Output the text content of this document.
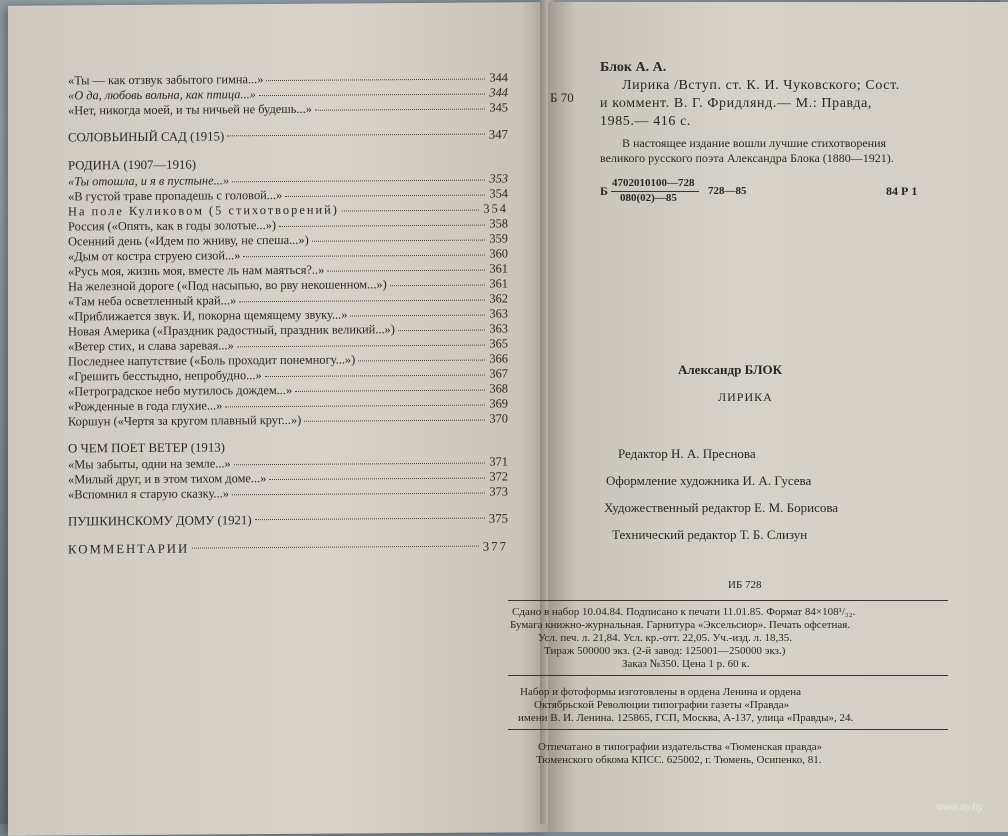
«Ты — как отзвук забытого гимна...»	344
«О да, любовь вольна, как птица...»	344
«Нет, никогда моей, и ты ничьей не будешь...»	345
СОЛОВЬИНЫЙ САД (1915)	347
РОДИНА (1907—1916)
«Ты отошла, и я в пустыне...»	353
«В густой траве пропадешь с головой...»	354
На поле Куликовом (5 стихотворений)	354
Россия («Опять, как в годы золотые...»)	358
Осенний день («Идем по жниву, не спеша...»)	359
«Дым от костра струею сизой...»	360
«Русь моя, жизнь моя, вместе ль нам маяться?..»	361
На железной дороге («Под насыпью, во рву некошенном...»)	361
«Там неба осветленный край...»	362
«Приближается звук. И, покорна щемящему звуку...»	363
Новая Америка («Праздник радостный, праздник великий...»)	363
«Ветер стих, и слава заревая...»	365
Последнее напутствие («Боль проходит понемногу...»)	366
«Грешить бесстыдно, непробудно...»	367
«Петроградское небо мутилось дождем...»	368
«Рожденные в года глухие...»	369
Коршун («Чертя за кругом плавный круг...»)	370
О ЧЕМ ПОЕТ ВЕТЕР (1913)
«Мы забыты, одни на земле...»	371
«Милый друг, и в этом тихом доме...»	372
«Вспомнил я старую сказку...»	373
ПУШКИНСКОМУ ДОМУ (1921)	375
КОММЕНТАРИИ	377
Б 70
Блок А. А.
Лирика /Вступ. ст. К. И. Чуковского; Сост.
и коммент. В. Г. Фридлянд.— М.: Правда,
1985.— 416 с.
В настоящее издание вошли лучшие стихотворения
великого русского поэта Александра Блока (1880—1921).
Б
4702010100—728
080(02)—85
728—85	84 Р 1
Александр БЛОК
ЛИРИКА
Редактор Н. А. Преснова
Оформление художника И. А. Гусева
Художественный редактор Е. М. Борисова
Технический редактор Т. Б. Слизун
ИБ 728
Сдано в набор 10.04.84. Подписано к печати 11.01.85. Формат 84×108¹/₃₂.
Бумага книжно-журнальная. Гарнитура «Эксельсиор». Печать офсетная.
Усл. печ. л. 21,84. Усл. кр.-отт. 22,05. Уч.-изд. л. 18,35.
Тираж 500000 экз. (2-й завод: 125001—250000 экз.)
Заказ №350. Цена 1 р. 60 к.
Набор и фотоформы изготовлены в ордена Ленина и ордена
Октябрьской Революции типографии газеты «Правда»
имени В. И. Ленина. 125865, ГСП, Москва, А-137, улица «Правды», 24.
Отпечатано в типографии издательства «Тюменская правда»
Тюменского обкома КПСС. 625002, г. Тюмень, Осипенко, 81.
www.ay.by
